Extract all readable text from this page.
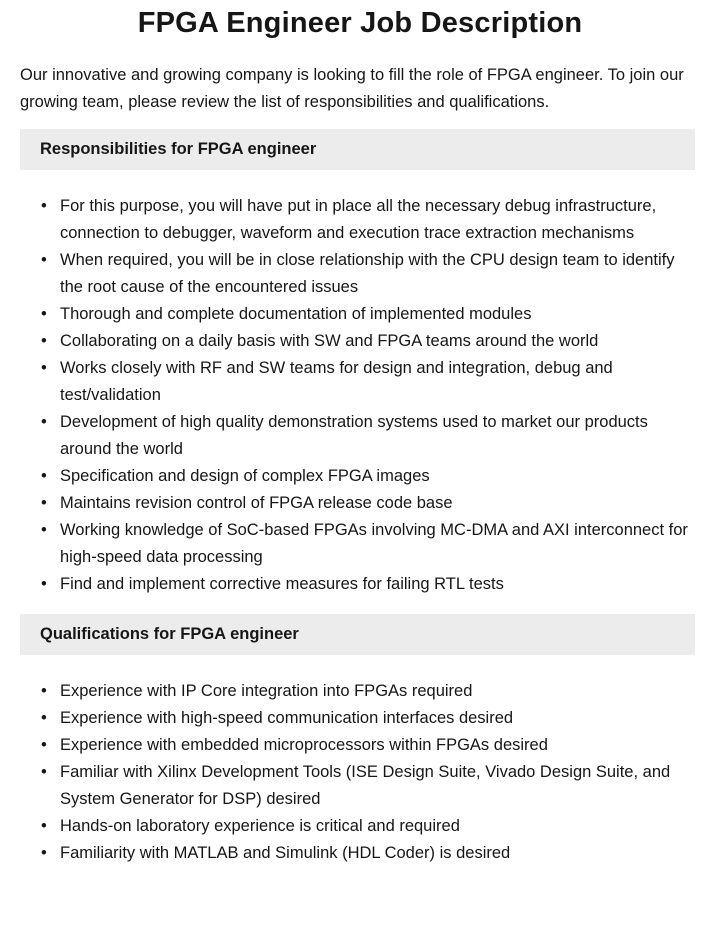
FPGA Engineer Job Description

Our innovative and growing company is looking to fill the role of FPGA engineer. To join our growing team, please review the list of responsibilities and qualifications.

Responsibilities for FPGA engineer
• For this purpose, you will have put in place all the necessary debug infrastructure, connection to debugger, waveform and execution trace extraction mechanisms
• When required, you will be in close relationship with the CPU design team to identify the root cause of the encountered issues
• Thorough and complete documentation of implemented modules
• Collaborating on a daily basis with SW and FPGA teams around the world
• Works closely with RF and SW teams for design and integration, debug and test/validation
• Development of high quality demonstration systems used to market our products around the world
• Specification and design of complex FPGA images
• Maintains revision control of FPGA release code base
• Working knowledge of SoC-based FPGAs involving MC-DMA and AXI interconnect for high-speed data processing
• Find and implement corrective measures for failing RTL tests
Qualifications for FPGA engineer
• Experience with IP Core integration into FPGAs required
• Experience with high-speed communication interfaces desired
• Experience with embedded microprocessors within FPGAs desired
• Familiar with Xilinx Development Tools (ISE Design Suite, Vivado Design Suite, and System Generator for DSP) desired
• Hands-on laboratory experience is critical and required
• Familiarity with MATLAB and Simulink (HDL Coder) is desired
